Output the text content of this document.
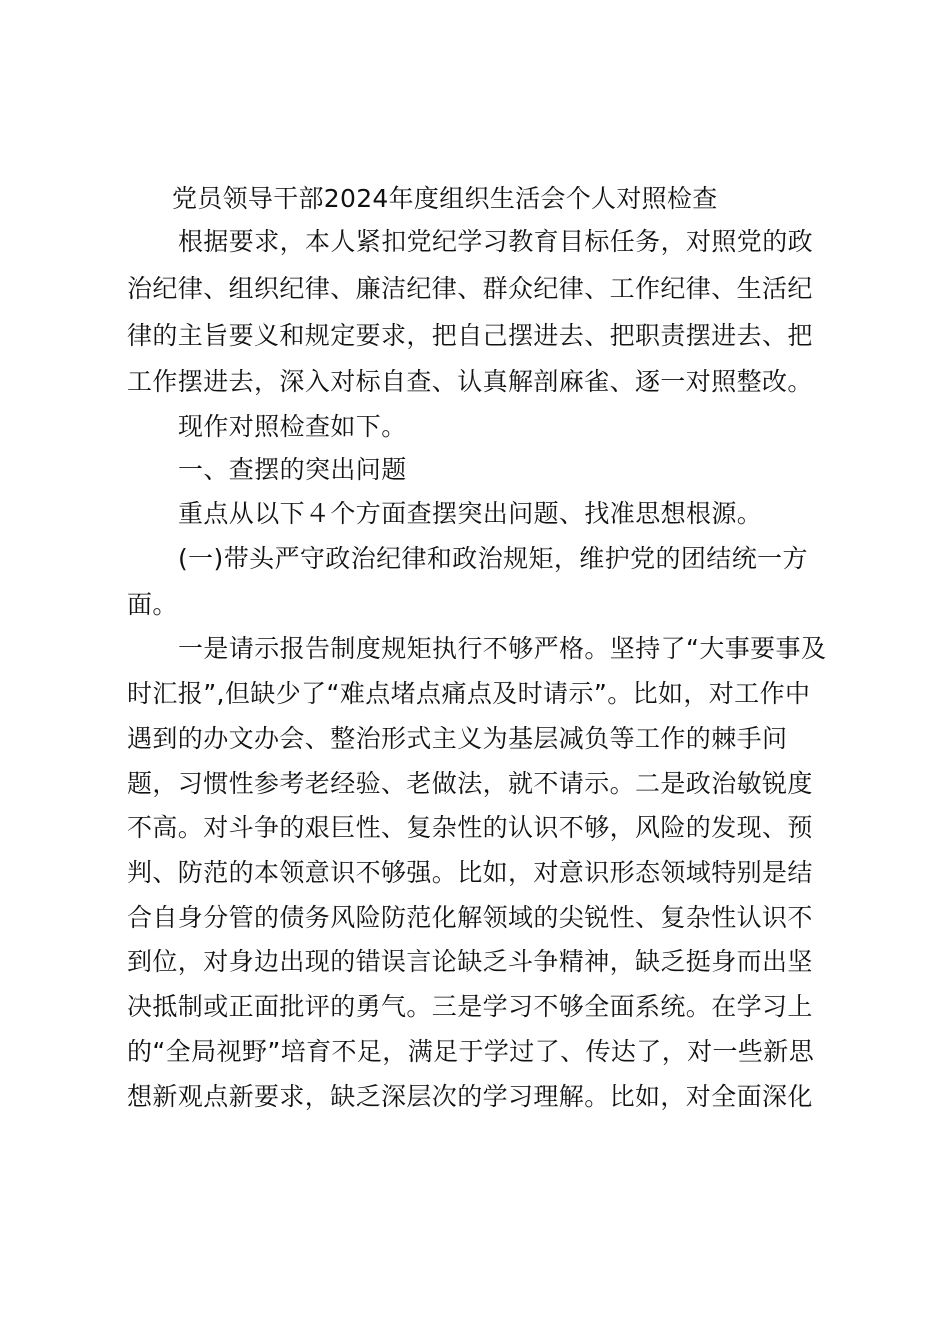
党员领导干部2024年度组织生活会个人对照检查
根据要求，本人紧扣党纪学习教育目标任务，对照党的政
治纪律、组织纪律、廉洁纪律、群众纪律、工作纪律、生活纪
律的主旨要义和规定要求，把自己摆进去、把职责摆进去、把
工作摆进去，深入对标自查、认真解剖麻雀、逐一对照整改。
现作对照检查如下。
一、查摆的突出问题
重点从以下４个方面查摆突出问题、找准思想根源。
(一)带头严守政治纪律和政治规矩，维护党的团结统一方
面。
一是请示报告制度规矩执行不够严格。坚持了“大事要事及
时汇报”,但缺少了“难点堵点痛点及时请示”。比如，对工作中
遇到的办文办会、整治形式主义为基层减负等工作的棘手问
题，习惯性参考老经验、老做法，就不请示。二是政治敏锐度
不高。对斗争的艰巨性、复杂性的认识不够，风险的发现、预
判、防范的本领意识不够强。比如，对意识形态领域特别是结
合自身分管的债务风险防范化解领域的尖锐性、复杂性认识不
到位，对身边出现的错误言论缺乏斗争精神，缺乏挺身而出坚
决抵制或正面批评的勇气。三是学习不够全面系统。在学习上
的“全局视野”培育不足，满足于学过了、传达了，对一些新思
想新观点新要求，缺乏深层次的学习理解。比如，对全面深化
